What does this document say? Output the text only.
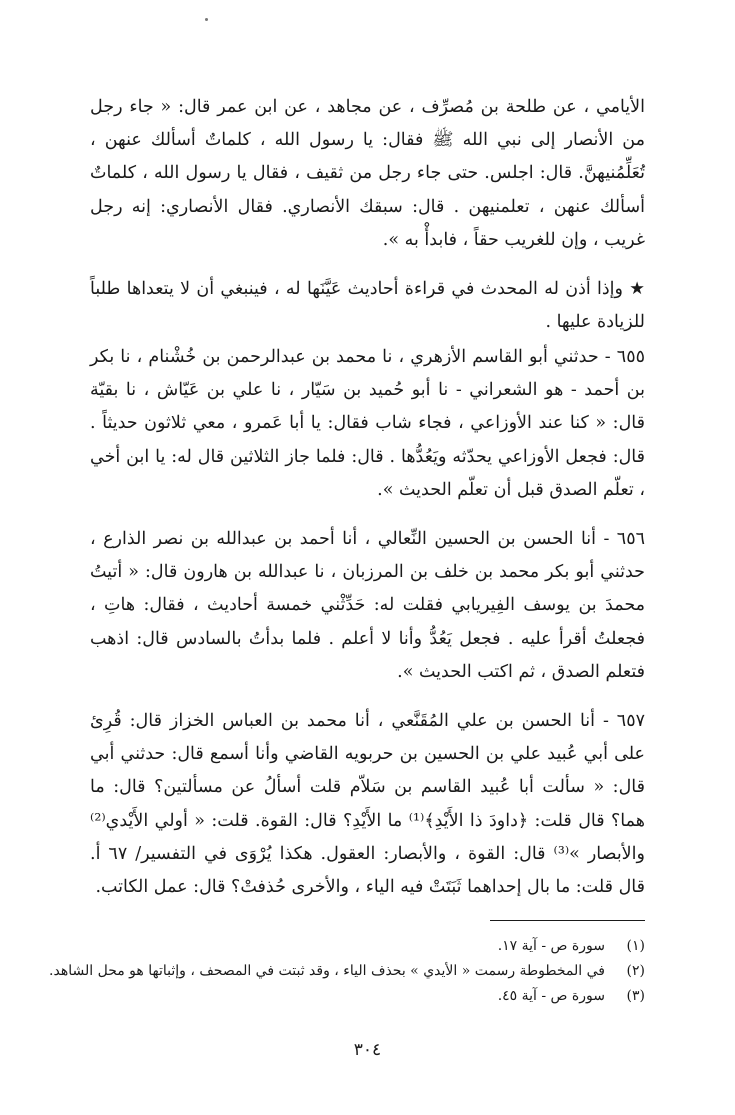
الأيامي ، عن طلحة بن مُصرِّف ، عن مجاهد ، عن ابن عمر قال: « جاء رجل من الأنصار إلى نبي الله ﷺ فقال: يا رسول الله ، كلماتٌ أسألك عنهن ، تُعَلِّمُنيهنَّ. قال: اجلس. حتى جاء رجل من ثقيف ، فقال يا رسول الله ، كلماتٌ أسألك عنهن ، تعلمنيهن . قال: سبقك الأنصاري. فقال الأنصاري: إنه رجل غريب ، وإن للغريب حقاً ، فابدأْ به ».

★ وإذا أذن له المحدث في قراءة أحاديث عَيَّنَها له ، فينبغي أن لا يتعداها طلباً للزيادة عليها .

٦٥٥ - حدثني أبو القاسم الأزهري ، نا محمد بن عبدالرحمن بن خُشْنام ، نا بكر بن أحمد - هو الشعراني - نا أبو حُميد بن سَيّار ، نا علي بن عَيّاش ، نا بقيّة قال: « كنا عند الأوزاعي ، فجاء شاب فقال: يا أبا عَمرو ، معي ثلاثون حديثاً . قال: فجعل الأوزاعي يحدّثه ويَعُدُّها . قال: فلما جاز الثلاثين قال له: يا ابن أخي ، تعلّم الصدق قبل أن تعلّم الحديث ».

٦٥٦ - أنا الحسن بن الحسين النِّعالي ، أنا أحمد بن عبدالله بن نصر الذارع ، حدثني أبو بكر محمد بن خلف بن المرزبان ، نا عبدالله بن هارون قال: « أتيتُ محمدَ بن يوسف الفِيريابي فقلت له: حَدِّثْني خمسة أحاديث ، فقال: هاتِ ، فجعلتُ أقرأ عليه . فجعل يَعُدُّ وأنا لا أعلم . فلما بدأتُ بالسادس قال: اذهب فتعلم الصدق ، ثم اكتب الحديث ».

٦٥٧ - أنا الحسن بن علي المُقَنَّعي ، أنا محمد بن العباس الخزاز قال: قُرِئ على أبي عُبيد علي بن الحسين بن حربويه القاضي وأنا أسمع قال: حدثني أبي قال: « سألت أبا عُبيد القاسم بن سَلاّم قلت أسألُ عن مسألتين؟ قال: ما هما؟ قال قلت: ﴿داودَ ذا الأَيْدِ﴾⁽¹⁾ ما الأَيْدِ؟ قال: القوة. قلت: « أولي الأَيْدي⁽²⁾ والأبصار »⁽³⁾ قال: القوة ، والأبصار: العقول. هكذا يُرْوَى في التفسير/ ٦٧ أ. قال قلت: ما بال إحداهما ثَبَتَتْ فيه الياء ، والأخرى حُذفتْ؟ قال: عمل الكاتب.

(١)
سورة ص - آية ١٧.
(٢)
في المخطوطة رسمت « الأيدي » بحذف الياء ، وقد ثبتت في المصحف ، وإثباتها هو محل الشاهد.
(٣)
سورة ص - آية ٤٥.
٣٠٤
